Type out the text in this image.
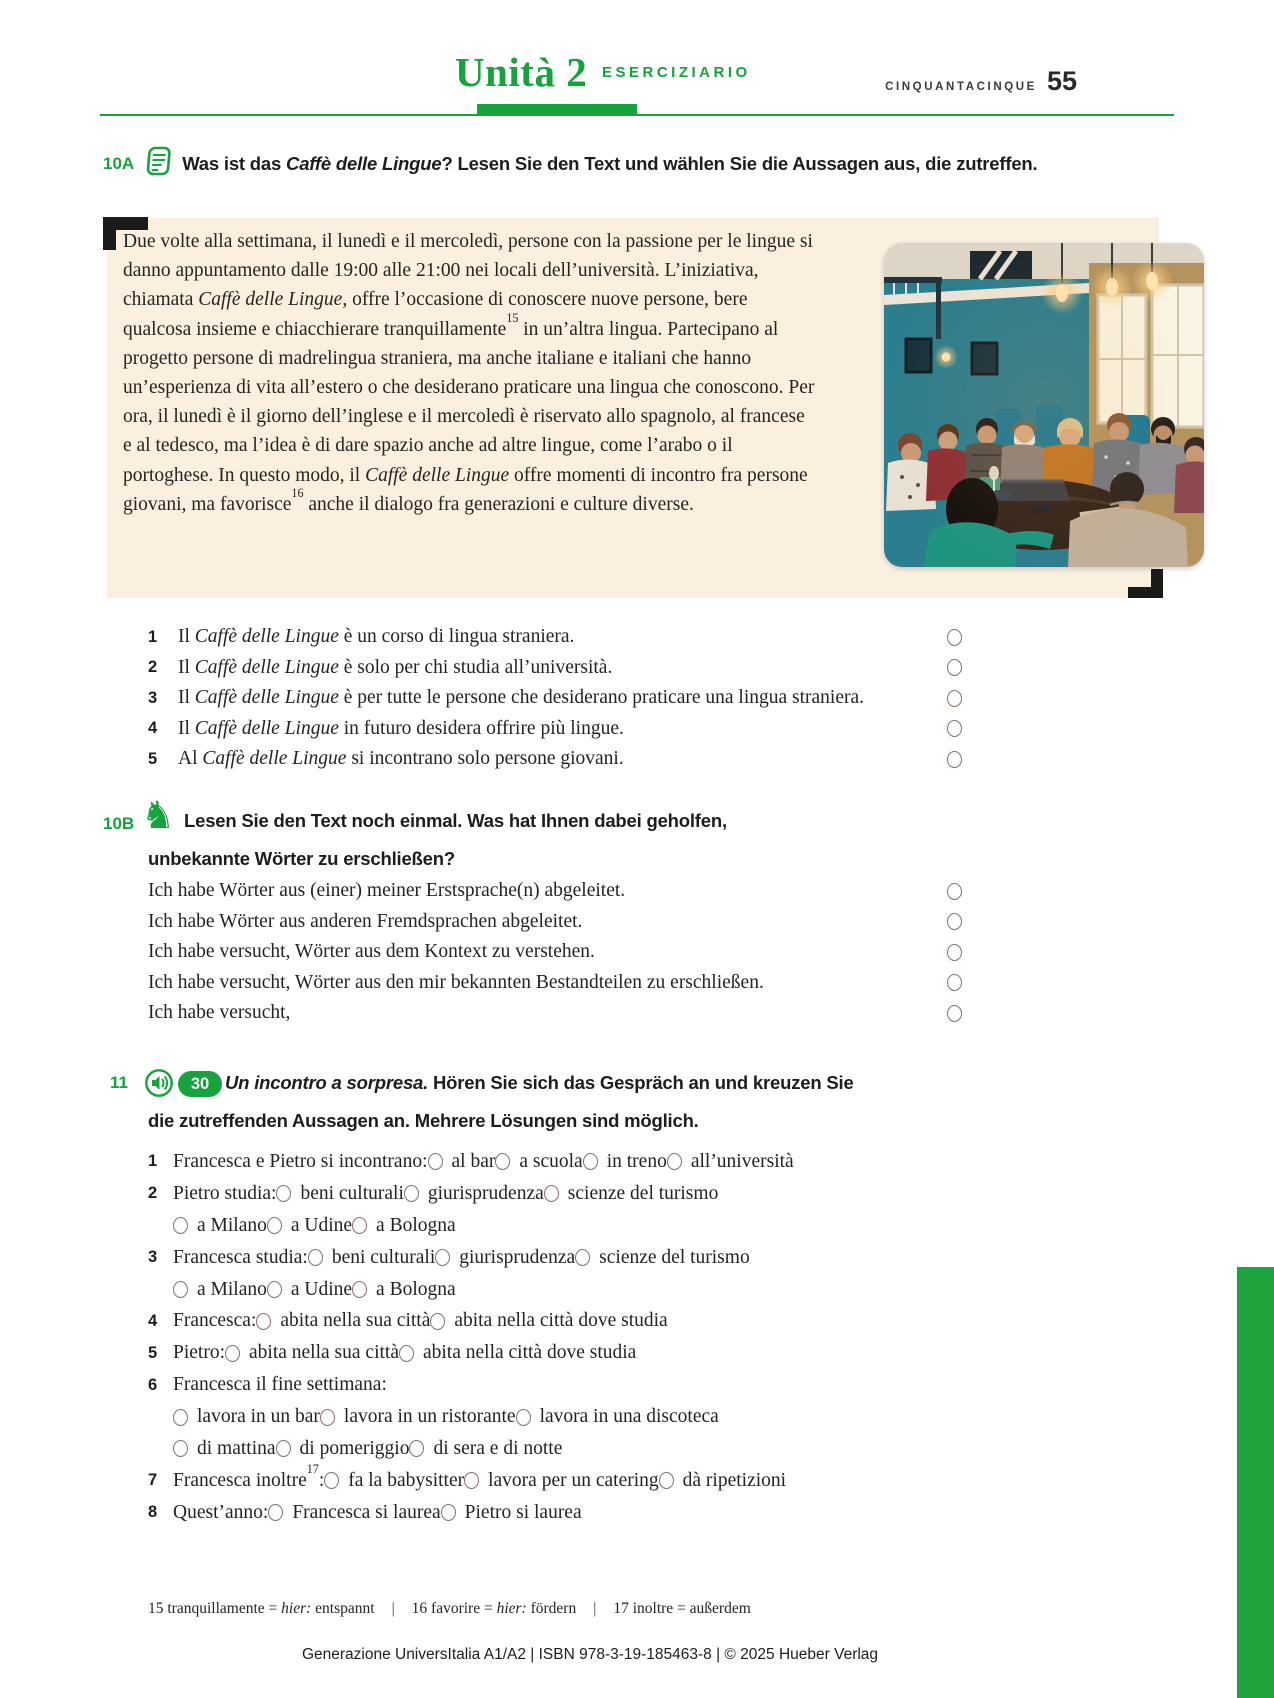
Unità 2 ESERCIZIARIO
CINQUANTACINQUE 55
10A	Was ist das Caffè delle Lingue? Lesen Sie den Text und wählen Sie die Aussagen aus, die zutreffen.
Due volte alla settimana, il lunedì e il mercoledì, persone con la passione per le lingue si danno appuntamento dalle 19:00 alle 21:00 nei locali dell’università. L’iniziativa, chiamata Caffè delle Lingue, offre l’occasione di conoscere nuove persone, bere qualcosa insieme e chiacchierare tranquillamente$^{15}$ in un’altra lingua. Partecipano al progetto persone di madrelingua straniera, ma anche italiane e italiani che hanno un’esperienza di vita all’estero o che desiderano praticare una lingua che conoscono. Per ora, il lunedì è il giorno dell’inglese e il mercoledì è riservato allo spagnolo, al francese e al tedesco, ma l’idea è di dare spazio anche ad altre lingue, come l’arabo o il portoghese. In questo modo, il Caffè delle Lingue offre momenti di incontro fra persone giovani, ma favorisce$^{16}$ anche il dialogo fra generazioni e culture diverse.
1	Il Caffè delle Lingue è un corso di lingua straniera.
2	Il Caffè delle Lingue è solo per chi studia all’università.
3	Il Caffè delle Lingue è per tutte le persone che desiderano praticare una lingua straniera.
4	Il Caffè delle Lingue in futuro desidera offrire più lingue.
5	Al Caffè delle Lingue si incontrano solo persone giovani.
10B ♞ Lesen Sie den Text noch einmal. Was hat Ihnen dabei geholfen,
unbekannte Wörter zu erschließen?
Ich habe Wörter aus (einer) meiner Erstsprache(n) abgeleitet.
Ich habe Wörter aus anderen Fremdsprachen abgeleitet.
Ich habe versucht, Wörter aus dem Kontext zu verstehen.
Ich habe versucht, Wörter aus den mir bekannten Bestandteilen zu erschließen.
Ich habe versucht,
11	30 Un incontro a sorpresa. Hören Sie sich das Gespräch an und kreuzen Sie
die zutreffenden Aussagen an. Mehrere Lösungen sind möglich.
1 Francesca e Pietro si incontrano: al bar a scuola in treno all’università
2 Pietro studia: beni culturali giurisprudenza scienze del turismo
a Milano a Udine a Bologna
3 Francesca studia: beni culturali giurisprudenza scienze del turismo
a Milano a Udine a Bologna
4 Francesca: abita nella sua città abita nella città dove studia
5 Pietro: abita nella sua città abita nella città dove studia
6 Francesca il fine settimana:
lavora in un bar lavora in un ristorante lavora in una discoteca
di mattina di pomeriggio di sera e di notte
7 Francesca inoltre$^{17}$: fa la babysitter lavora per un catering dà ripetizioni
8 Quest’anno: Francesca si laurea Pietro si laurea
15 tranquillamente = hier: entspannt | 16 favorire = hier: fördern | 17 inoltre = außerdem
Generazione UniversItalia A1/A2 | ISBN 978-3-19-185463-8 | © 2025 Hueber Verlag
